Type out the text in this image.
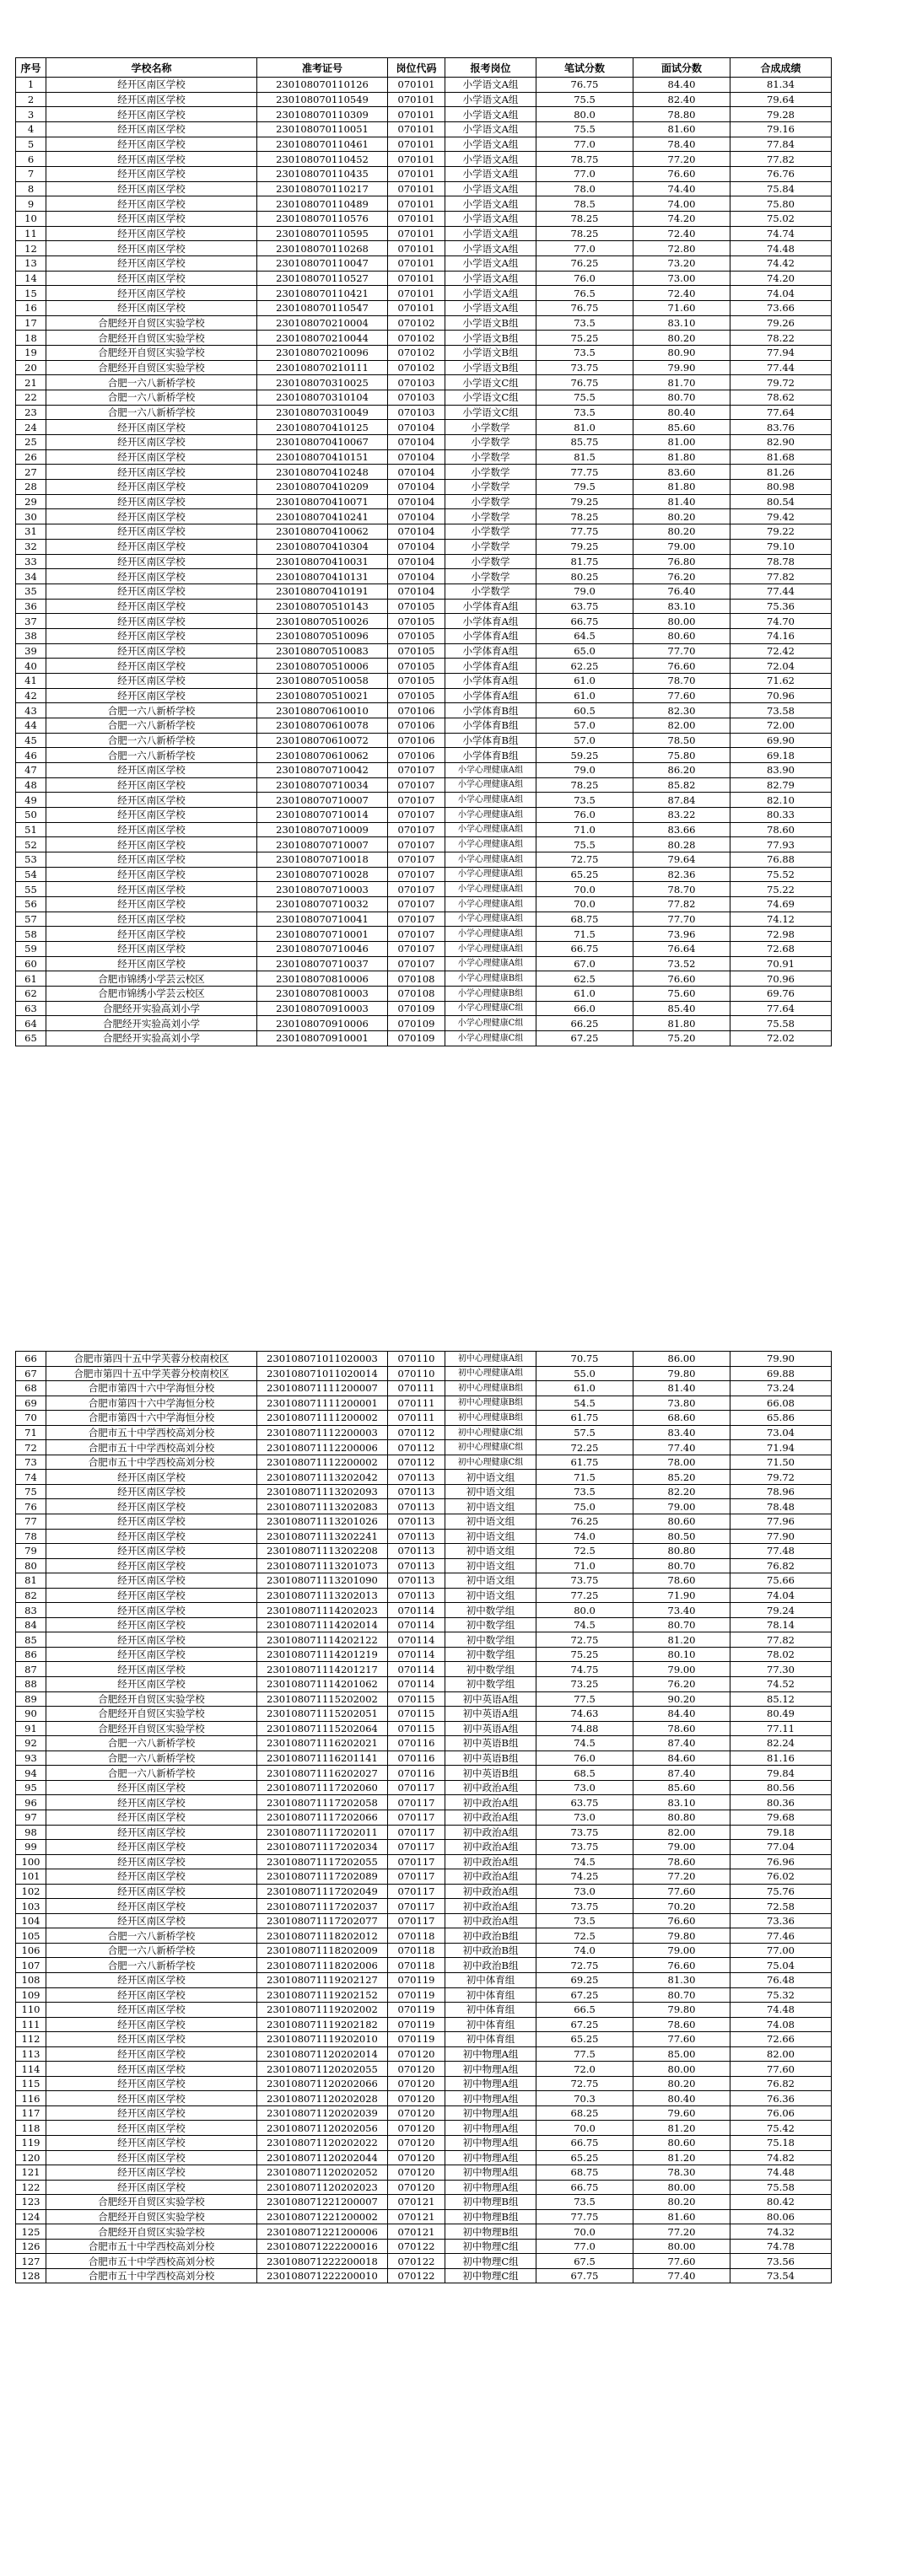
序号	学校名称	准考证号	岗位代码	报考岗位	笔试分数	面试分数	合成成绩
1	经开区南区学校	230108070110126	070101	小学语文A组	76.75	84.40	81.34
2	经开区南区学校	230108070110549	070101	小学语文A组	75.5	82.40	79.64
3	经开区南区学校	230108070110309	070101	小学语文A组	80.0	78.80	79.28
4	经开区南区学校	230108070110051	070101	小学语文A组	75.5	81.60	79.16
5	经开区南区学校	230108070110461	070101	小学语文A组	77.0	78.40	77.84
6	经开区南区学校	230108070110452	070101	小学语文A组	78.75	77.20	77.82
7	经开区南区学校	230108070110435	070101	小学语文A组	77.0	76.60	76.76
8	经开区南区学校	230108070110217	070101	小学语文A组	78.0	74.40	75.84
9	经开区南区学校	230108070110489	070101	小学语文A组	78.5	74.00	75.80
10	经开区南区学校	230108070110576	070101	小学语文A组	78.25	74.20	75.02
11	经开区南区学校	230108070110595	070101	小学语文A组	78.25	72.40	74.74
12	经开区南区学校	230108070110268	070101	小学语文A组	77.0	72.80	74.48
13	经开区南区学校	230108070110047	070101	小学语文A组	76.25	73.20	74.42
14	经开区南区学校	230108070110527	070101	小学语文A组	76.0	73.00	74.20
15	经开区南区学校	230108070110421	070101	小学语文A组	76.5	72.40	74.04
16	经开区南区学校	230108070110547	070101	小学语文A组	76.75	71.60	73.66
17	合肥经开自贸区实验学校	230108070210004	070102	小学语文B组	73.5	83.10	79.26
18	合肥经开自贸区实验学校	230108070210044	070102	小学语文B组	75.25	80.20	78.22
19	合肥经开自贸区实验学校	230108070210096	070102	小学语文B组	73.5	80.90	77.94
20	合肥经开自贸区实验学校	230108070210111	070102	小学语文B组	73.75	79.90	77.44
21	合肥一六八新桥学校	230108070310025	070103	小学语文C组	76.75	81.70	79.72
22	合肥一六八新桥学校	230108070310104	070103	小学语文C组	75.5	80.70	78.62
23	合肥一六八新桥学校	230108070310049	070103	小学语文C组	73.5	80.40	77.64
24	经开区南区学校	230108070410125	070104	小学数学	81.0	85.60	83.76
25	经开区南区学校	230108070410067	070104	小学数学	85.75	81.00	82.90
26	经开区南区学校	230108070410151	070104	小学数学	81.5	81.80	81.68
27	经开区南区学校	230108070410248	070104	小学数学	77.75	83.60	81.26
28	经开区南区学校	230108070410209	070104	小学数学	79.5	81.80	80.98
29	经开区南区学校	230108070410071	070104	小学数学	79.25	81.40	80.54
30	经开区南区学校	230108070410241	070104	小学数学	78.25	80.20	79.42
31	经开区南区学校	230108070410062	070104	小学数学	77.75	80.20	79.22
32	经开区南区学校	230108070410304	070104	小学数学	79.25	79.00	79.10
33	经开区南区学校	230108070410031	070104	小学数学	81.75	76.80	78.78
34	经开区南区学校	230108070410131	070104	小学数学	80.25	76.20	77.82
35	经开区南区学校	230108070410191	070104	小学数学	79.0	76.40	77.44
36	经开区南区学校	230108070510143	070105	小学体育A组	63.75	83.10	75.36
37	经开区南区学校	230108070510026	070105	小学体育A组	66.75	80.00	74.70
38	经开区南区学校	230108070510096	070105	小学体育A组	64.5	80.60	74.16
39	经开区南区学校	230108070510083	070105	小学体育A组	65.0	77.70	72.42
40	经开区南区学校	230108070510006	070105	小学体育A组	62.25	76.60	72.04
41	经开区南区学校	230108070510058	070105	小学体育A组	61.0	78.70	71.62
42	经开区南区学校	230108070510021	070105	小学体育A组	61.0	77.60	70.96
43	合肥一六八新桥学校	230108070610010	070106	小学体育B组	60.5	82.30	73.58
44	合肥一六八新桥学校	230108070610078	070106	小学体育B组	57.0	82.00	72.00
45	合肥一六八新桥学校	230108070610072	070106	小学体育B组	57.0	78.50	69.90
46	合肥一六八新桥学校	230108070610062	070106	小学体育B组	59.25	75.80	69.18
47	经开区南区学校	230108070710042	070107	小学心理健康A组	79.0	86.20	83.90
48	经开区南区学校	230108070710034	070107	小学心理健康A组	78.25	85.82	82.79
49	经开区南区学校	230108070710007	070107	小学心理健康A组	73.5	87.84	82.10
50	经开区南区学校	230108070710014	070107	小学心理健康A组	76.0	83.22	80.33
51	经开区南区学校	230108070710009	070107	小学心理健康A组	71.0	83.66	78.60
52	经开区南区学校	230108070710007	070107	小学心理健康A组	75.5	80.28	77.93
53	经开区南区学校	230108070710018	070107	小学心理健康A组	72.75	79.64	76.88
54	经开区南区学校	230108070710028	070107	小学心理健康A组	65.25	82.36	75.52
55	经开区南区学校	230108070710003	070107	小学心理健康A组	70.0	78.70	75.22
56	经开区南区学校	230108070710032	070107	小学心理健康A组	70.0	77.82	74.69
57	经开区南区学校	230108070710041	070107	小学心理健康A组	68.75	77.70	74.12
58	经开区南区学校	230108070710001	070107	小学心理健康A组	71.5	73.96	72.98
59	经开区南区学校	230108070710046	070107	小学心理健康A组	66.75	76.64	72.68
60	经开区南区学校	230108070710037	070107	小学心理健康A组	67.0	73.52	70.91
61	合肥市锦绣小学芸云校区	230108070810006	070108	小学心理健康B组	62.5	76.60	70.96
62	合肥市锦绣小学芸云校区	230108070810003	070108	小学心理健康B组	61.0	75.60	69.76
63	合肥经开实验高刘小学	230108070910003	070109	小学心理健康C组	66.0	85.40	77.64
64	合肥经开实验高刘小学	230108070910006	070109	小学心理健康C组	66.25	81.80	75.58
65	合肥经开实验高刘小学	230108070910001	070109	小学心理健康C组	67.25	75.20	72.02
66	合肥市第四十五中学芙蓉分校南校区	230108071011020003	070110	初中心理健康A组	70.75	86.00	79.90
67	合肥市第四十五中学芙蓉分校南校区	230108071011020014	070110	初中心理健康A组	55.0	79.80	69.88
68	合肥市第四十六中学海恒分校	230108071111200007	070111	初中心理健康B组	61.0	81.40	73.24
69	合肥市第四十六中学海恒分校	230108071111200001	070111	初中心理健康B组	54.5	73.80	66.08
70	合肥市第四十六中学海恒分校	230108071111200002	070111	初中心理健康B组	61.75	68.60	65.86
71	合肥市五十中学西校高刘分校	230108071112200003	070112	初中心理健康C组	57.5	83.40	73.04
72	合肥市五十中学西校高刘分校	230108071112200006	070112	初中心理健康C组	72.25	77.40	71.94
73	合肥市五十中学西校高刘分校	230108071112200002	070112	初中心理健康C组	61.75	78.00	71.50
74	经开区南区学校	230108071113202042	070113	初中语文组	71.5	85.20	79.72
75	经开区南区学校	230108071113202093	070113	初中语文组	73.5	82.20	78.96
76	经开区南区学校	230108071113202083	070113	初中语文组	75.0	79.00	78.48
77	经开区南区学校	230108071113201026	070113	初中语文组	76.25	80.60	77.96
78	经开区南区学校	230108071113202241	070113	初中语文组	74.0	80.50	77.90
79	经开区南区学校	230108071113202208	070113	初中语文组	72.5	80.80	77.48
80	经开区南区学校	230108071113201073	070113	初中语文组	71.0	80.70	76.82
81	经开区南区学校	230108071113201090	070113	初中语文组	73.75	78.60	75.66
82	经开区南区学校	230108071113202013	070113	初中语文组	77.25	71.90	74.04
83	经开区南区学校	230108071114202023	070114	初中数学组	80.0	73.40	79.24
84	经开区南区学校	230108071114202014	070114	初中数学组	74.5	80.70	78.14
85	经开区南区学校	230108071114202122	070114	初中数学组	72.75	81.20	77.82
86	经开区南区学校	230108071114201219	070114	初中数学组	75.25	80.10	78.02
87	经开区南区学校	230108071114201217	070114	初中数学组	74.75	79.00	77.30
88	经开区南区学校	230108071114201062	070114	初中数学组	73.25	76.20	74.52
89	合肥经开自贸区实验学校	230108071115202002	070115	初中英语A组	77.5	90.20	85.12
90	合肥经开自贸区实验学校	230108071115202051	070115	初中英语A组	74.63	84.40	80.49
91	合肥经开自贸区实验学校	230108071115202064	070115	初中英语A组	74.88	78.60	77.11
92	合肥一六八新桥学校	230108071116202021	070116	初中英语B组	74.5	87.40	82.24
93	合肥一六八新桥学校	230108071116201141	070116	初中英语B组	76.0	84.60	81.16
94	合肥一六八新桥学校	230108071116202027	070116	初中英语B组	68.5	87.40	79.84
95	经开区南区学校	230108071117202060	070117	初中政治A组	73.0	85.60	80.56
96	经开区南区学校	230108071117202058	070117	初中政治A组	63.75	83.10	80.36
97	经开区南区学校	230108071117202066	070117	初中政治A组	73.0	80.80	79.68
98	经开区南区学校	230108071117202011	070117	初中政治A组	73.75	82.00	79.18
99	经开区南区学校	230108071117202034	070117	初中政治A组	73.75	79.00	77.04
100	经开区南区学校	230108071117202055	070117	初中政治A组	74.5	78.60	76.96
101	经开区南区学校	230108071117202089	070117	初中政治A组	74.25	77.20	76.02
102	经开区南区学校	230108071117202049	070117	初中政治A组	73.0	77.60	75.76
103	经开区南区学校	230108071117202037	070117	初中政治A组	73.75	70.20	72.58
104	经开区南区学校	230108071117202077	070117	初中政治A组	73.5	76.60	73.36
105	合肥一六八新桥学校	230108071118202012	070118	初中政治B组	72.5	79.80	77.46
106	合肥一六八新桥学校	230108071118202009	070118	初中政治B组	74.0	79.00	77.00
107	合肥一六八新桥学校	230108071118202006	070118	初中政治B组	72.75	76.60	75.04
108	经开区南区学校	230108071119202127	070119	初中体育组	69.25	81.30	76.48
109	经开区南区学校	230108071119202152	070119	初中体育组	67.25	80.70	75.32
110	经开区南区学校	230108071119202002	070119	初中体育组	66.5	79.80	74.48
111	经开区南区学校	230108071119202182	070119	初中体育组	67.25	78.60	74.08
112	经开区南区学校	230108071119202010	070119	初中体育组	65.25	77.60	72.66
113	经开区南区学校	230108071120202014	070120	初中物理A组	77.5	85.00	82.00
114	经开区南区学校	230108071120202055	070120	初中物理A组	72.0	80.00	77.60
115	经开区南区学校	230108071120202066	070120	初中物理A组	72.75	80.20	76.82
116	经开区南区学校	230108071120202028	070120	初中物理A组	70.3	80.40	76.36
117	经开区南区学校	230108071120202039	070120	初中物理A组	68.25	79.60	76.06
118	经开区南区学校	230108071120202056	070120	初中物理A组	70.0	81.20	75.42
119	经开区南区学校	230108071120202022	070120	初中物理A组	66.75	80.60	75.18
120	经开区南区学校	230108071120202044	070120	初中物理A组	65.25	81.20	74.82
121	经开区南区学校	230108071120202052	070120	初中物理A组	68.75	78.30	74.48
122	经开区南区学校	230108071120202023	070120	初中物理A组	66.75	80.00	75.58
123	合肥经开自贸区实验学校	230108071221200007	070121	初中物理B组	73.5	80.20	80.42
124	合肥经开自贸区实验学校	230108071221200002	070121	初中物理B组	77.75	81.60	80.06
125	合肥经开自贸区实验学校	230108071221200006	070121	初中物理B组	70.0	77.20	74.32
126	合肥市五十中学西校高刘分校	230108071222200016	070122	初中物理C组	77.0	80.00	74.78
127	合肥市五十中学西校高刘分校	230108071222200018	070122	初中物理C组	67.5	77.60	73.56
128	合肥市五十中学西校高刘分校	230108071222200010	070122	初中物理C组	67.75	77.40	73.54
